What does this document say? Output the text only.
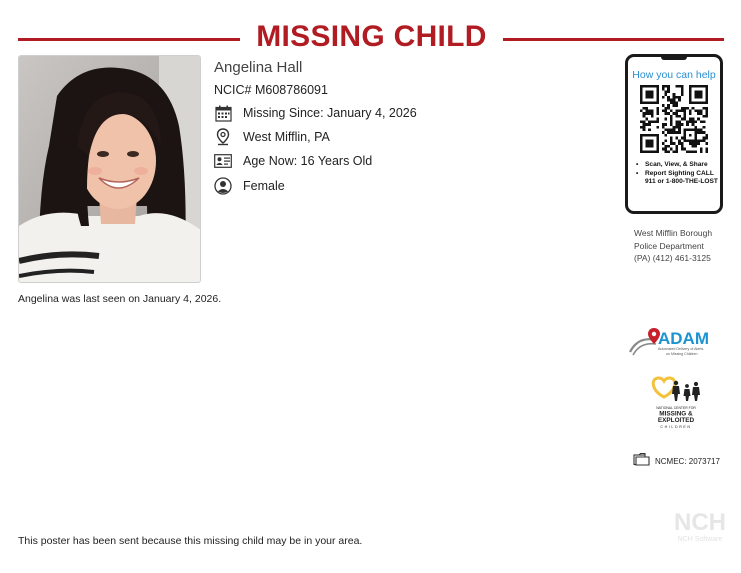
MISSING CHILD
Angelina Hall
NCIC# M608786091
Missing Since: January 4, 2026
West Mifflin, PA
Age Now: 16 Years Old
Female
How you can help
• Scan, View, & Share
• Report Sighting CALL 911 or 1-800-THE-LOST
West Mifflin Borough
Police Department
(PA) (412) 461-3125
Angelina was last seen on January 4, 2026.
ADAM
Automated Delivery of Alerts
on Missing Children
NATIONAL CENTER FOR
MISSING &
EXPLOITED
CHILDREN
NCMEC: 2073717
NCH
NCH Software
This poster has been sent because this missing child may be in your area.
